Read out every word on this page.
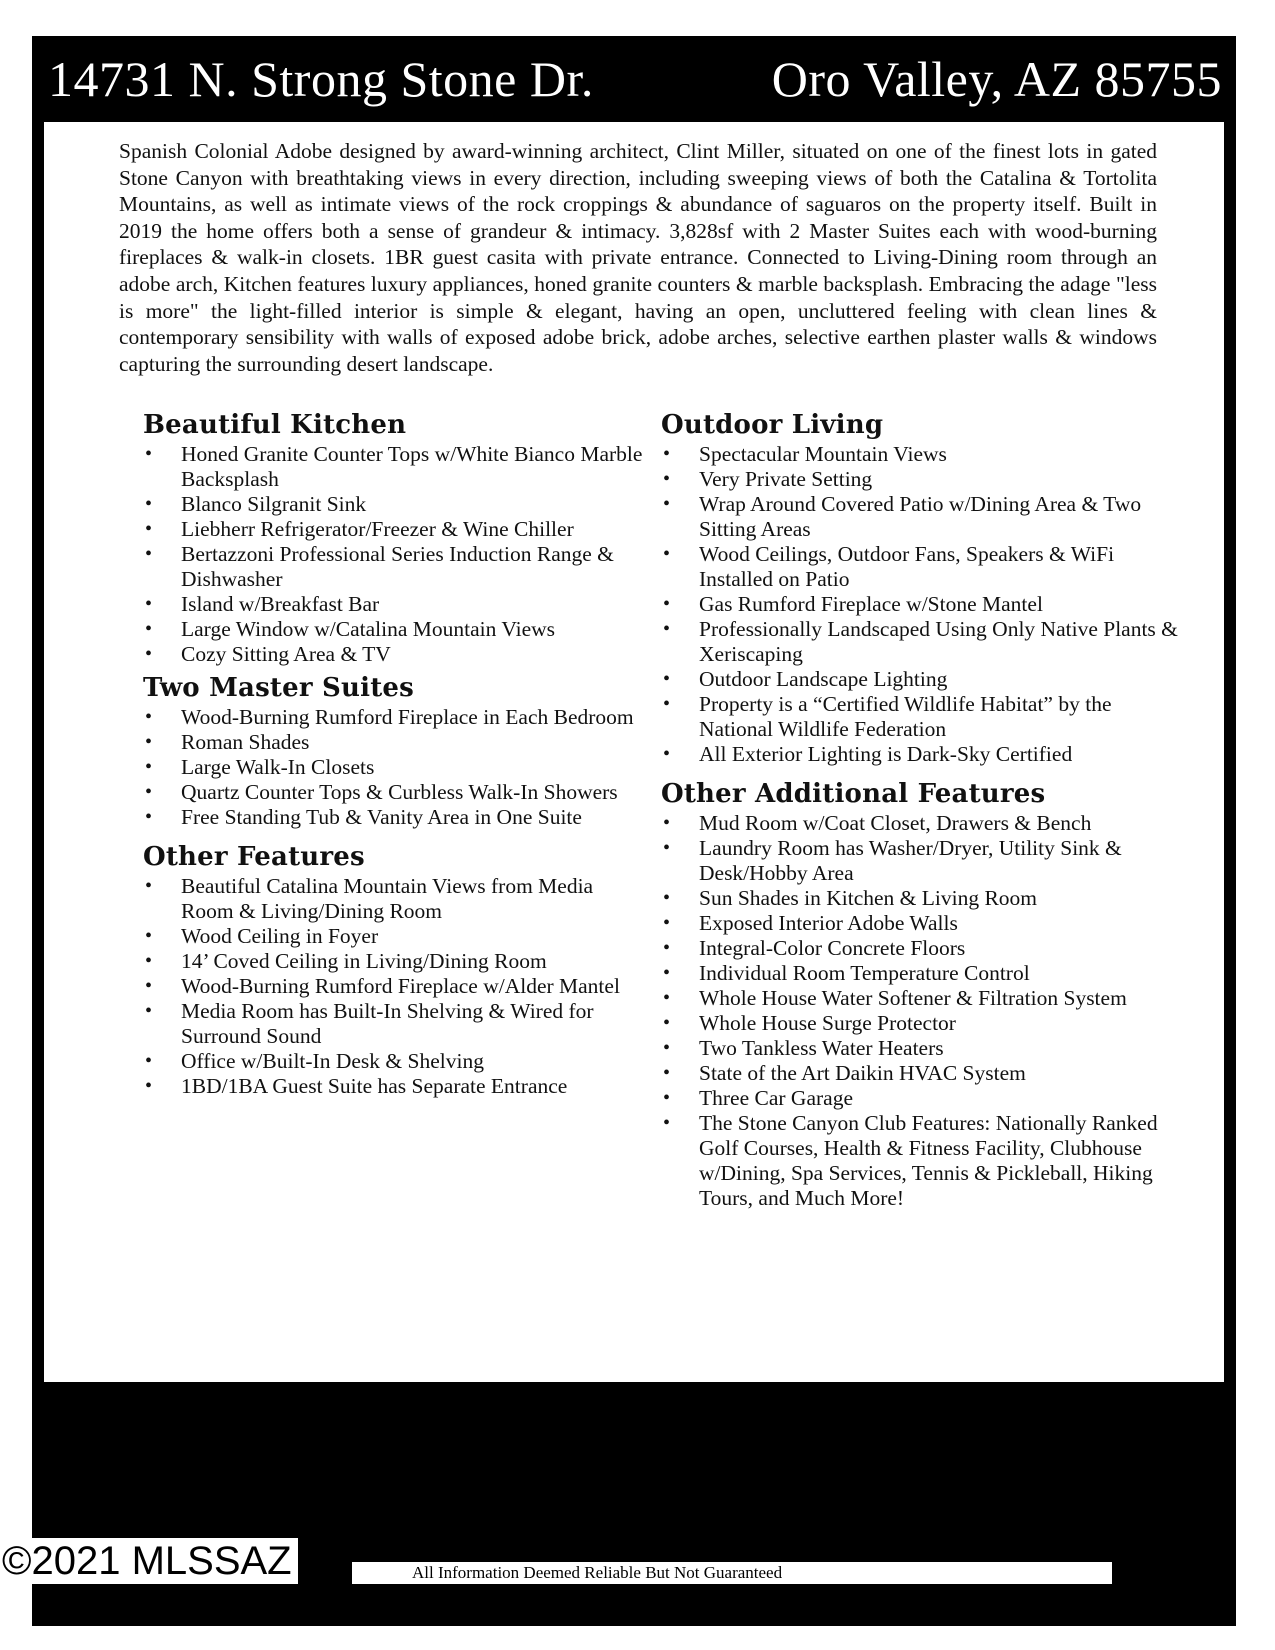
14731 N. Strong Stone Dr.	Oro Valley, AZ 85755

Spanish Colonial Adobe designed by award-winning architect, Clint Miller, situated on one of the finest lots in gated Stone Canyon with breathtaking views in every direction, including sweeping views of both the Catalina & Tortolita Mountains, as well as intimate views of the rock croppings & abundance of saguaros on the property itself. Built in 2019 the home offers both a sense of grandeur & intimacy. 3,828sf with 2 Master Suites each with wood-burning fireplaces & walk-in closets. 1BR guest casita with private entrance. Connected to Living-Dining room through an adobe arch, Kitchen features luxury appliances, honed granite counters & marble backsplash. Embracing the adage "less is more" the light-filled interior is simple & elegant, having an open, uncluttered feeling with clean lines & contemporary sensibility with walls of exposed adobe brick, adobe arches, selective earthen plaster walls & windows capturing the surrounding desert landscape.

Beautiful Kitchen
• Honed Granite Counter Tops w/White Bianco Marble Backsplash
• Blanco Silgranit Sink
• Liebherr Refrigerator/Freezer & Wine Chiller
• Bertazzoni Professional Series Induction Range & Dishwasher
• Island w/Breakfast Bar
• Large Window w/Catalina Mountain Views
• Cozy Sitting Area & TV
Two Master Suites
• Wood-Burning Rumford Fireplace in Each Bedroom
• Roman Shades
• Large Walk-In Closets
• Quartz Counter Tops & Curbless Walk-In Showers
• Free Standing Tub & Vanity Area in One Suite
Other Features
• Beautiful Catalina Mountain Views from Media Room & Living/Dining Room
• Wood Ceiling in Foyer
• 14’ Coved Ceiling in Living/Dining Room
• Wood-Burning Rumford Fireplace w/Alder Mantel
• Media Room has Built-In Shelving & Wired for Surround Sound
• Office w/Built-In Desk & Shelving
• 1BD/1BA Guest Suite has Separate Entrance
Outdoor Living
• Spectacular Mountain Views
• Very Private Setting
• Wrap Around Covered Patio w/Dining Area & Two Sitting Areas
• Wood Ceilings, Outdoor Fans, Speakers & WiFi Installed on Patio
• Gas Rumford Fireplace w/Stone Mantel
• Professionally Landscaped Using Only Native Plants & Xeriscaping
• Outdoor Landscape Lighting
• Property is a “Certified Wildlife Habitat” by the National Wildlife Federation
• All Exterior Lighting is Dark-Sky Certified
Other Additional Features
• Mud Room w/Coat Closet, Drawers & Bench
• Laundry Room has Washer/Dryer, Utility Sink & Desk/Hobby Area
• Sun Shades in Kitchen & Living Room
• Exposed Interior Adobe Walls
• Integral-Color Concrete Floors
• Individual Room Temperature Control
• Whole House Water Softener & Filtration System
• Whole House Surge Protector
• Two Tankless Water Heaters
• State of the Art Daikin HVAC System
• Three Car Garage
• The Stone Canyon Club Features: Nationally Ranked Golf Courses, Health & Fitness Facility, Clubhouse w/Dining, Spa Services, Tennis & Pickleball, Hiking Tours, and Much More!
©2021 MLSSAZ	All Information Deemed Reliable But Not Guaranteed
